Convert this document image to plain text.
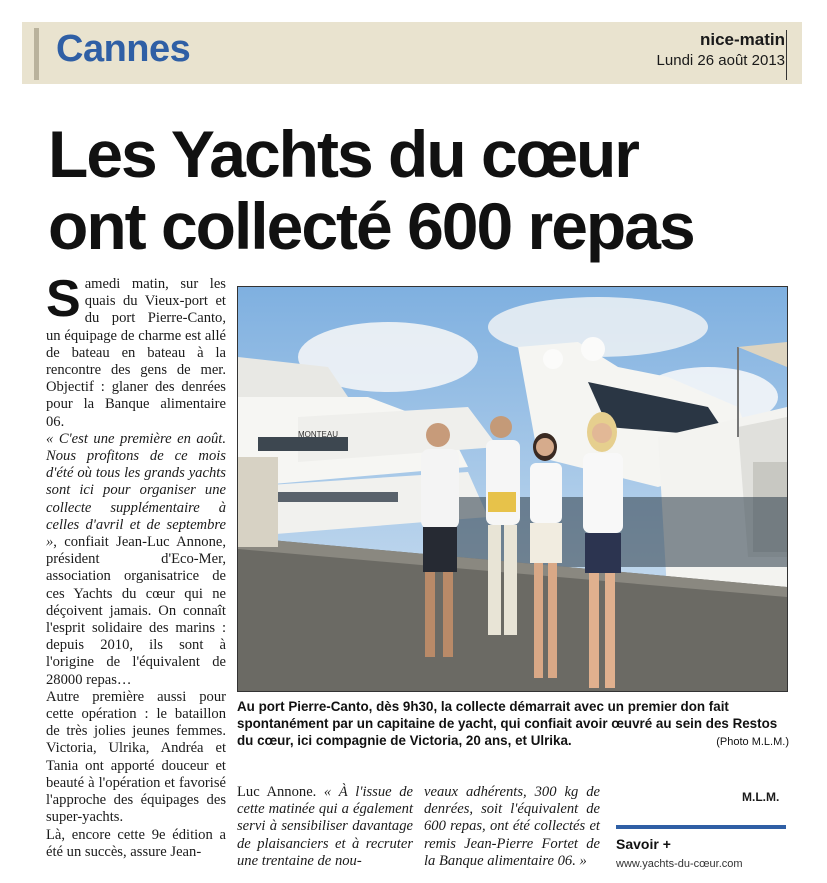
Cannes	nice-matin
Lundi 26 août 2013
Les Yachts du cœur
ont collecté 600 repas

Samedi matin, sur les quais du Vieux-port et du port Pierre-Canto, un équipage de charme est allé de bateau en bateau à la rencontre des gens de mer. Objectif : glaner des denrées pour la Banque alimentaire 06.

« C'est une première en août. Nous profitons de ce mois d'été où tous les grands yachts sont ici pour organiser une collecte supplémentaire à celles d'avril et de septembre », confiait Jean-Luc Annone, président d'Eco-Mer, association organisatrice de ces Yachts du cœur qui ne déçoivent jamais. On connaît l'esprit solidaire des marins : depuis 2010, ils sont à l'origine de l'équivalent de 28000 repas…

Autre première aussi pour cette opération : le bataillon de très jolies jeunes femmes. Victoria, Ulrika, Andréa et Tania ont apporté douceur et beauté à l'opération et favorisé l'approche des équipages des super-yachts.

Là, encore cette 9e édition a été un succès, assure Jean-

MONTEAU
Au port Pierre-Canto, dès 9h30, la collecte démarrait avec un premier don fait spontanément par un capitaine de yacht, qui confiait avoir œuvré au sein des Restos du cœur, ici compagnie de Victoria, 20 ans, et Ulrika.	(Photo M.L.M.)

Luc Annone. « À l'issue de cette matinée qui a également servi à sensibiliser davantage de plaisanciers et à recruter une trentaine de nou-

veaux adhérents, 300 kg de denrées, soit l'équivalent de 600 repas, ont été collectés et remis Jean-Pierre Fortet de la Banque alimentaire 06. »

M.L.M.
Savoir +
www.yachts-du-cœur.com
